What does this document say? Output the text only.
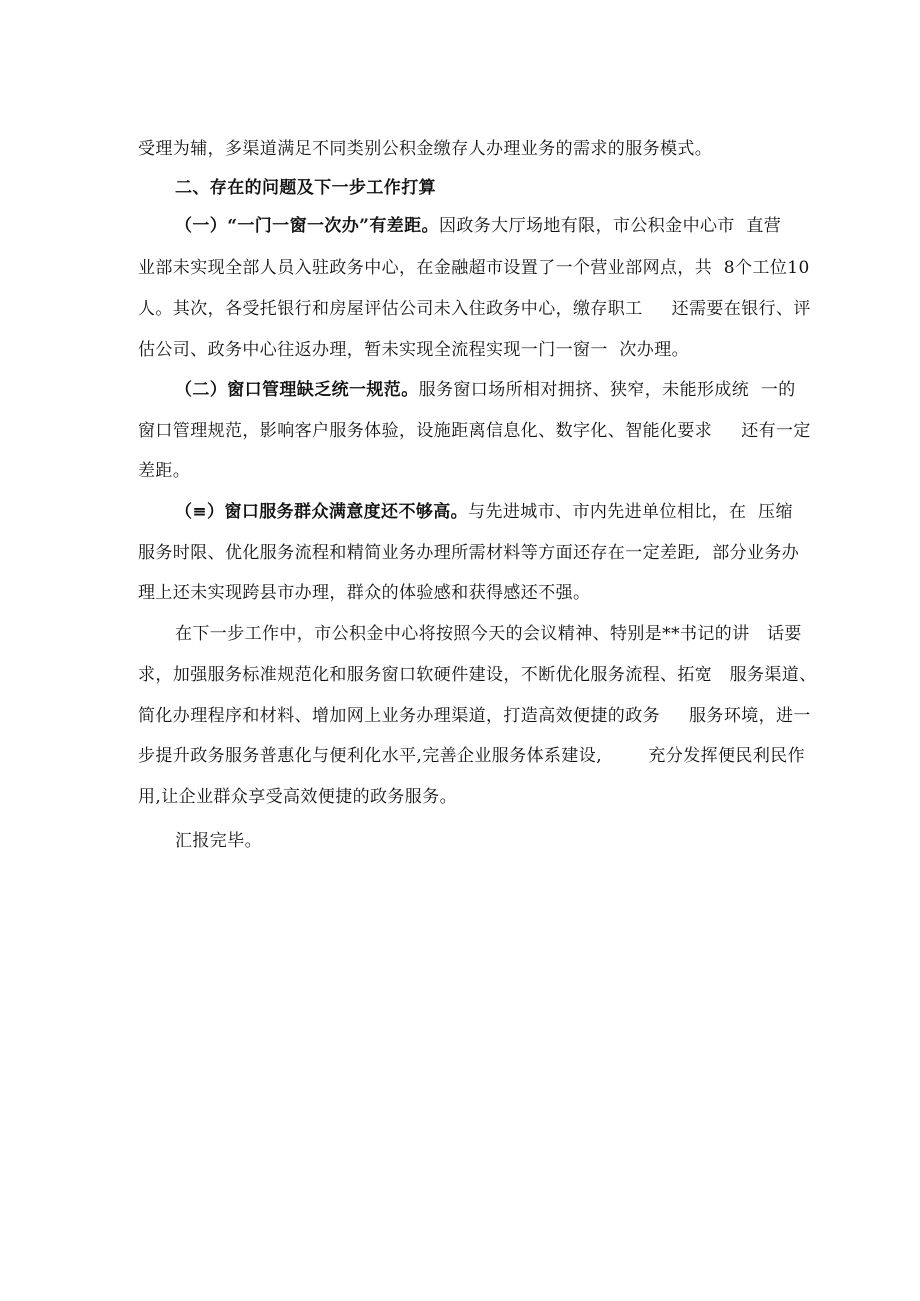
受理为辅，多渠道满足不同类别公积金缴存人办理业务的需求的服务模式。
二、存在的问题及下一步工作打算
（一）“一门一窗一次办”有差距。因政务大厅场地有限，市公积金中心市  直营
业部未实现全部人员入驻政务中心，在金融超市设置了一个营业部网点，共  8个工位10
人。其次，各受托银行和房屋评估公司未入住政务中心，缴存职工     还需要在银行、评
估公司、政务中心往返办理，暂未实现全流程实现一门一窗一  次办理。
（二）窗口管理缺乏统一规范。服务窗口场所相对拥挤、狭窄，未能形成统  一的
窗口管理规范，影响客户服务体验，设施距离信息化、数字化、智能化要求     还有一定
差距。
（≡）窗口服务群众满意度还不够高。与先进城市、市内先进单位相比，在  压缩
服务时限、优化服务流程和精简业务办理所需材料等方面还存在一定差距,  部分业务办
理上还未实现跨县市办理，群众的体验感和获得感还不强。
在下一步工作中，市公积金中心将按照今天的会议精神、特别是**书记的讲   话要
求，加强服务标准规范化和服务窗口软硬件建设，不断优化服务流程、拓宽   服务渠道、
简化办理程序和材料、增加网上业务办理渠道，打造高效便捷的政务     服务环境，进一
步提升政务服务普惠化与便利化水平,完善企业服务体系建设,        充分发挥便民利民作
用,让企业群众享受高效便捷的政务服务。
汇报完毕。
